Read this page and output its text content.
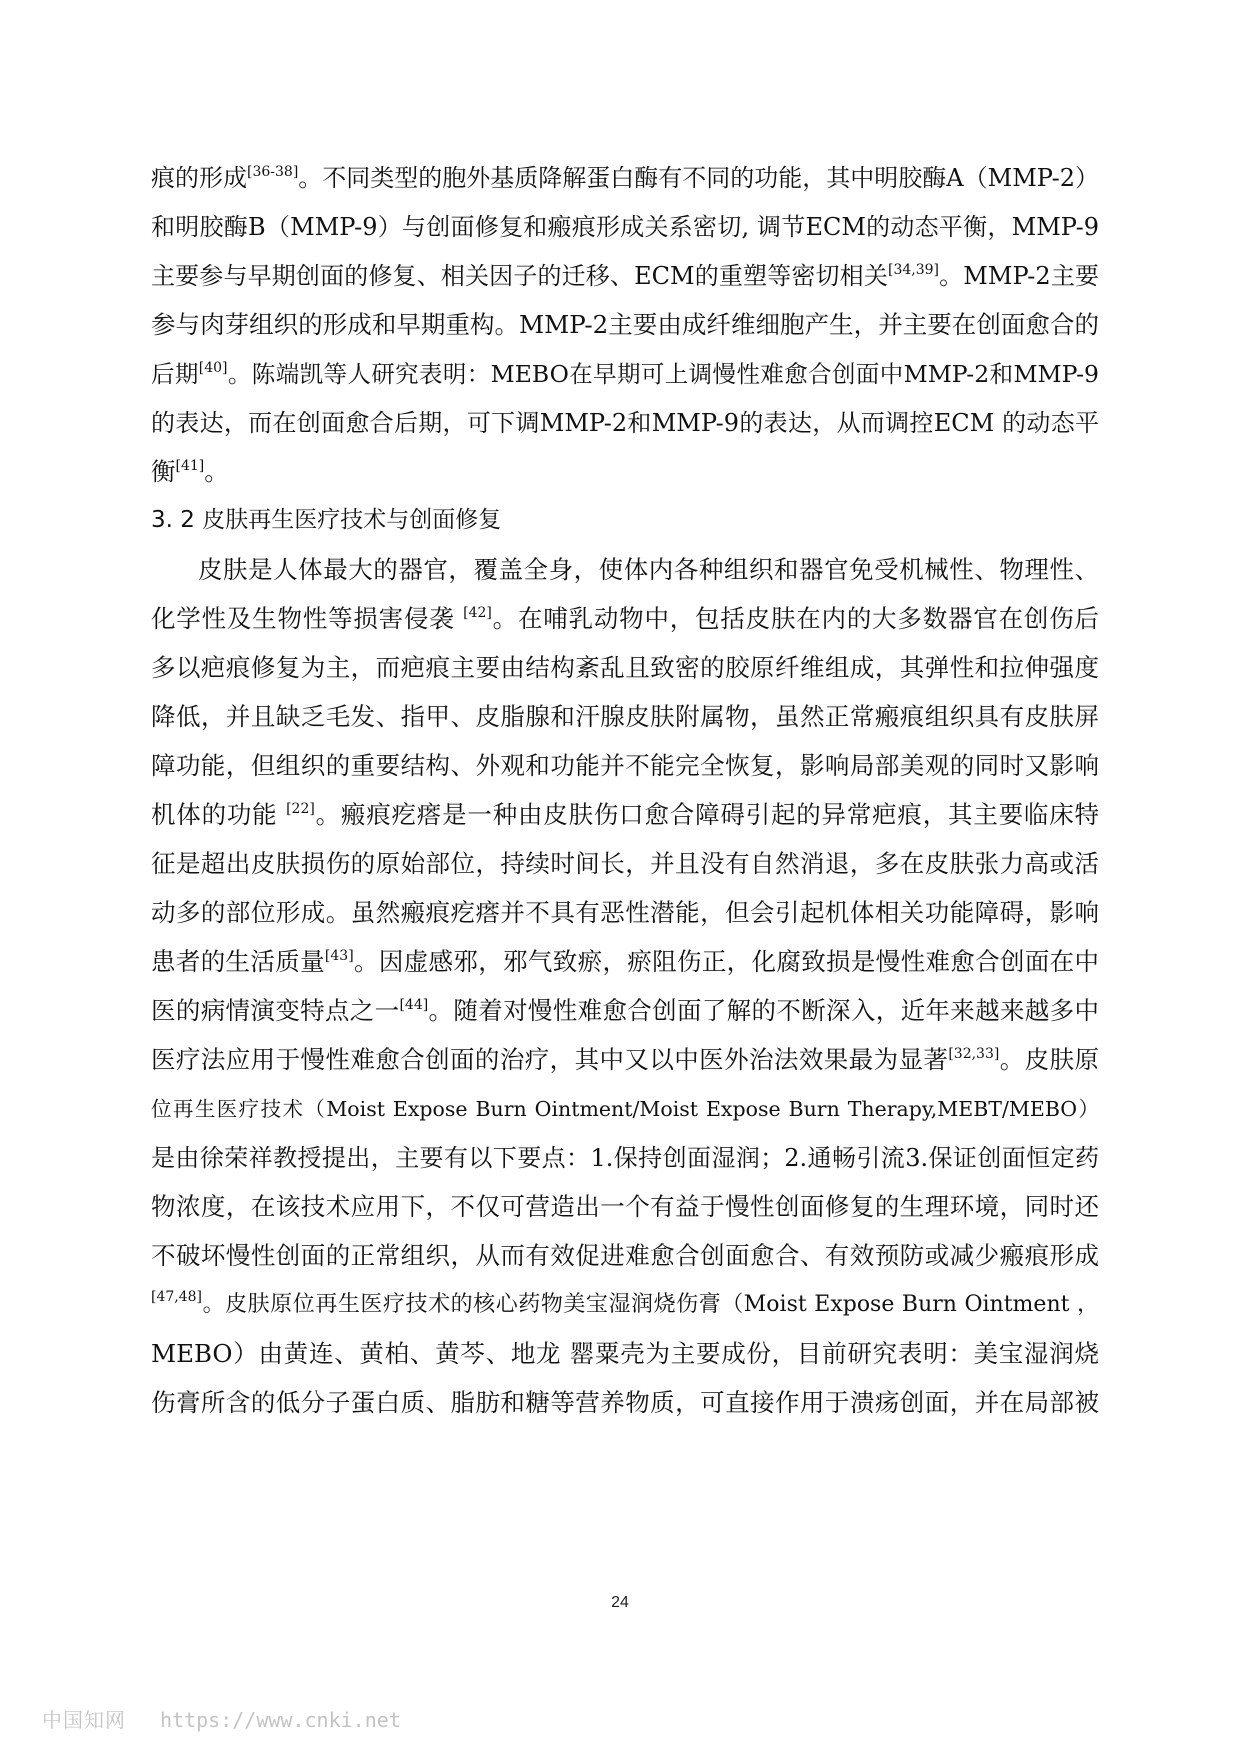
痕的形成[36-38]。不同类型的胞外基质降解蛋白酶有不同的功能，其中明胶酶A（MMP-2）
和明胶酶B（MMP-9）与创面修复和瘢痕形成关系密切, 调节ECM的动态平衡，MMP-9
主要参与早期创面的修复、相关因子的迁移、ECM的重塑等密切相关[34,39]。MMP-2主要
参与肉芽组织的形成和早期重构。MMP-2主要由成纤维细胞产生，并主要在创面愈合的
后期[40]。陈端凯等人研究表明：MEBO在早期可上调慢性难愈合创面中MMP-2和MMP-9
的表达，而在创面愈合后期，可下调MMP-2和MMP-9的表达，从而调控ECM 的动态平
衡[41]。
3. 2 皮肤再生医疗技术与创面修复
皮肤是人体最大的器官，覆盖全身，使体内各种组织和器官免受机械性、物理性、
化学性及生物性等损害侵袭 [42]。在哺乳动物中，包括皮肤在内的大多数器官在创伤后
多以疤痕修复为主，而疤痕主要由结构紊乱且致密的胶原纤维组成，其弹性和拉伸强度
降低，并且缺乏毛发、指甲、皮脂腺和汗腺皮肤附属物，虽然正常瘢痕组织具有皮肤屏
障功能，但组织的重要结构、外观和功能并不能完全恢复，影响局部美观的同时又影响
机体的功能 [22]。瘢痕疙瘩是一种由皮肤伤口愈合障碍引起的异常疤痕，其主要临床特
征是超出皮肤损伤的原始部位，持续时间长，并且没有自然消退，多在皮肤张力高或活
动多的部位形成。虽然瘢痕疙瘩并不具有恶性潜能，但会引起机体相关功能障碍，影响
患者的生活质量[43]。因虚感邪，邪气致瘀，瘀阻伤正，化腐致损是慢性难愈合创面在中
医的病情演变特点之一[44]。随着对慢性难愈合创面了解的不断深入，近年来越来越多中
医疗法应用于慢性难愈合创面的治疗，其中又以中医外治法效果最为显著[32,33]。皮肤原
位再生医疗技术（Moist Expose Burn Ointment/Moist Expose Burn Therapy,MEBT/MEBO）
是由徐荣祥教授提出，主要有以下要点：1.保持创面湿润；2.通畅引流3.保证创面恒定药
物浓度，在该技术应用下，不仅可营造出一个有益于慢性创面修复的生理环境，同时还
不破坏慢性创面的正常组织，从而有效促进难愈合创面愈合、有效预防或减少瘢痕形成
[47,48]。皮肤原位再生医疗技术的核心药物美宝湿润烧伤膏（Moist Expose Burn Ointment ，
MEBO）由黄连、黄柏、黄芩、地龙 罂粟壳为主要成份，目前研究表明：美宝湿润烧
伤膏所含的低分子蛋白质、脂肪和糖等营养物质，可直接作用于溃疡创面，并在局部被
24
中国知网 https://www.cnki.net
